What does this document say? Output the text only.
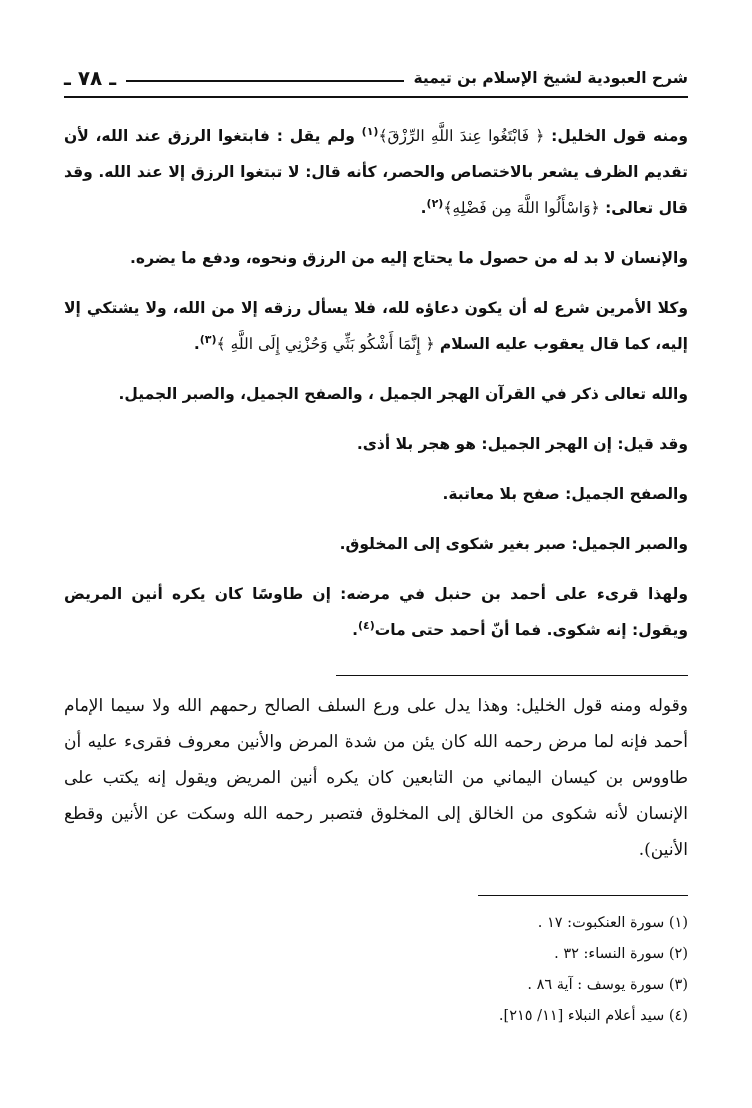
شرح العبودية لشيخ الإسلام بن تيمية
ـ ٧٨ ـ

ومنه قول الخليل: ﴿ فَابْتَغُوا عِندَ اللَّهِ الرِّزْقَ﴾$^{(١)}$ ولم يقل : فابتغوا الرزق عند الله، لأن تقديم الظرف يشعر بالاختصاص والحصر، كأنه قال: لا تبتغوا الرزق إلا عند الله. وقد قال تعالى: ﴿وَاسْأَلُوا اللَّهَ مِن فَضْلِهِ﴾$^{(٢)}$.

والإنسان لا بد له من حصول ما يحتاج إليه من الرزق ونحوه، ودفع ما يضره.

وكلا الأمرين شرع له أن يكون دعاؤه لله، فلا يسأل رزقه إلا من الله، ولا يشتكي إلا إليه، كما قال يعقوب عليه السلام ﴿ إِنَّمَا أَشْكُو بَثِّي وَحُزْنِي إِلَى اللَّهِ ﴾$^{(٣)}$.

والله تعالى ذكر في القرآن الهجر الجميل ، والصفح الجميل، والصبر الجميل.

وقد قيل: إن الهجر الجميل: هو هجر بلا أذى.

والصفح الجميل: صفح بلا معاتبة.

والصبر الجميل: صبر بغير شكوى إلى المخلوق.

ولهذا قرىء على أحمد بن حنبل في مرضه: إن طاوسًا كان يكره أنين المريض ويقول: إنه شكوى. فما أنّ أحمد حتى مات$^{(٤)}$.

وقوله ومنه قول الخليل: وهذا يدل على ورع السلف الصالح رحمهم الله ولا سيما الإمام أحمد فإنه لما مرض رحمه الله كان يئن من شدة المرض والأنين معروف فقرىء عليه أن طاووس بن كيسان اليماني من التابعين كان يكره أنين المريض ويقول إنه يكتب على الإنسان لأنه شكوى من الخالق إلى المخلوق فتصبر رحمه الله وسكت عن الأنين وقطع الأنين).

(١) سورة العنكبوت: ١٧ .
(٢) سورة النساء: ٣٢ .
(٣) سورة يوسف : آية ٨٦ .
(٤) سيد أعلام النبلاء [١١/ ٢١٥].
